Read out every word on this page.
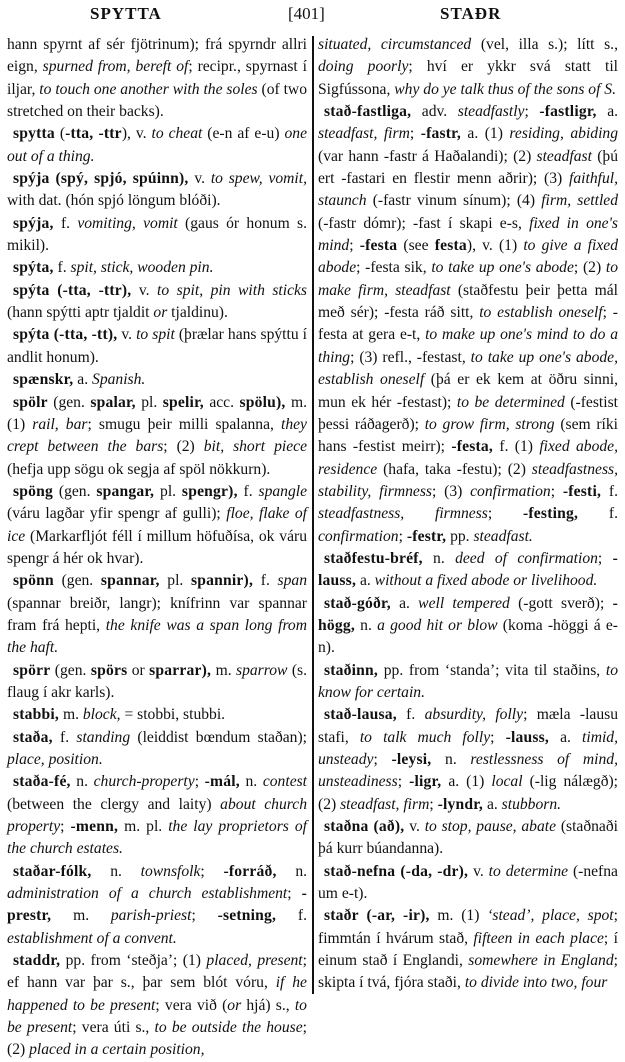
SPYTTA	[401]	STAÐR

hann spyrnt af sér fjötrinum); frá spyrndr allri eign, spurned from, bereft of; recipr., spyrnast í iljar, to touch one another with the soles (of two stretched on their backs).

spytta (-tta, -ttr), v. to cheat (e-n af e-u) one out of a thing.

spýja (spý, spjó, spúinn), v. to spew, vomit, with dat. (hón spjó löngum blóði).

spýja, f. vomiting, vomit (gaus ór honum s. mikil).

spýta, f. spit, stick, wooden pin.

spýta (-tta, -ttr), v. to spit, pin with sticks (hann spýtti aptr tjaldit or tjaldinu).

spýta (-tta, -tt), v. to spit (þrælar hans spýttu í andlit honum).

spænskr, a. Spanish.

spölr (gen. spalar, pl. spelir, acc. spölu), m. (1) rail, bar; smugu þeir milli spalanna, they crept between the bars; (2) bit, short piece (hefja upp sögu ok segja af spöl nökkurn).

spöng (gen. spangar, pl. spengr), f. spangle (váru lagðar yfir spengr af gulli); floe, flake of ice (Markarfljót féll í millum höfuðísa, ok váru spengr á hér ok hvar).

spönn (gen. spannar, pl. spannir), f. span (spannar breiðr, langr); knífrinn var spannar fram frá hepti, the knife was a span long from the haft.

spörr (gen. spörs or sparrar), m. sparrow (s. flaug í akr karls).

stabbi, m. block, = stobbi, stubbi.

staða, f. standing (leiddist bœndum staðan); place, position.

staða-fé, n. church-property; -mál, n. contest (between the clergy and laity) about church property; -menn, m. pl. the lay proprietors of the church estates.

staðar-fólk, n. townsfolk; -forráð, n. administration of a church establishment; -prestr, m. parish-priest; -setning, f. establishment of a convent.

staddr, pp. from ‘steðja’; (1) placed, present; ef hann var þar s., þar sem blót vóru, if he happened to be present; vera við (or hjá) s., to be present; vera úti s., to be outside the house; (2) placed in a certain position,

situated, circumstanced (vel, illa s.); lítt s., doing poorly; hví er ykkr svá statt til Sigfússona, why do ye talk thus of the sons of S.

stað-fastliga, adv. steadfastly; -fastligr, a. steadfast, firm; -fastr, a. (1) residing, abiding (var hann -fastr á Haðalandi); (2) steadfast (þú ert -fastari en flestir menn aðrir); (3) faithful, staunch (-fastr vinum sínum); (4) firm, settled (-fastr dómr); -fast í skapi e-s, fixed in one's mind; -festa (see festa), v. (1) to give a fixed abode; -festa sik, to take up one's abode; (2) to make firm, steadfast (staðfestu þeir þetta mál með sér); -festa ráð sitt, to establish oneself; -festa at gera e-t, to make up one's mind to do a thing; (3) refl., -festast, to take up one's abode, establish oneself (þá er ek kem at öðru sinni, mun ek hér -festast); to be determined (-festist þessi ráðagerð); to grow firm, strong (sem ríki hans -festist meirr); -festa, f. (1) fixed abode, residence (hafa, taka -festu); (2) steadfastness, stability, firmness; (3) confirmation; -festi, f. steadfastness, firmness; -festing, f. confirmation; -festr, pp. steadfast.

staðfestu-bréf, n. deed of confirmation; -lauss, a. without a fixed abode or livelihood.

stað-góðr, a. well tempered (-gott sverð); -högg, n. a good hit or blow (koma -höggi á e-n).

staðinn, pp. from ‘standa’; vita til staðins, to know for certain.

stað-lausa, f. absurdity, folly; mæla -lausu stafi, to talk much folly; -lauss, a. timid, unsteady; -leysi, n. restlessness of mind, unsteadiness; -ligr, a. (1) local (-lig nálægð); (2) steadfast, firm; -lyndr, a. stubborn.

staðna (að), v. to stop, pause, abate (staðnaði þá kurr búandanna).

stað-nefna (-da, -dr), v. to determine (-nefna um e-t).

staðr (-ar, -ir), m. (1) ‘stead’, place, spot; fimmtán í hvárum stað, fifteen in each place; í einum stað í Englandi, somewhere in England; skipta í tvá, fjóra staði, to divide into two, four
